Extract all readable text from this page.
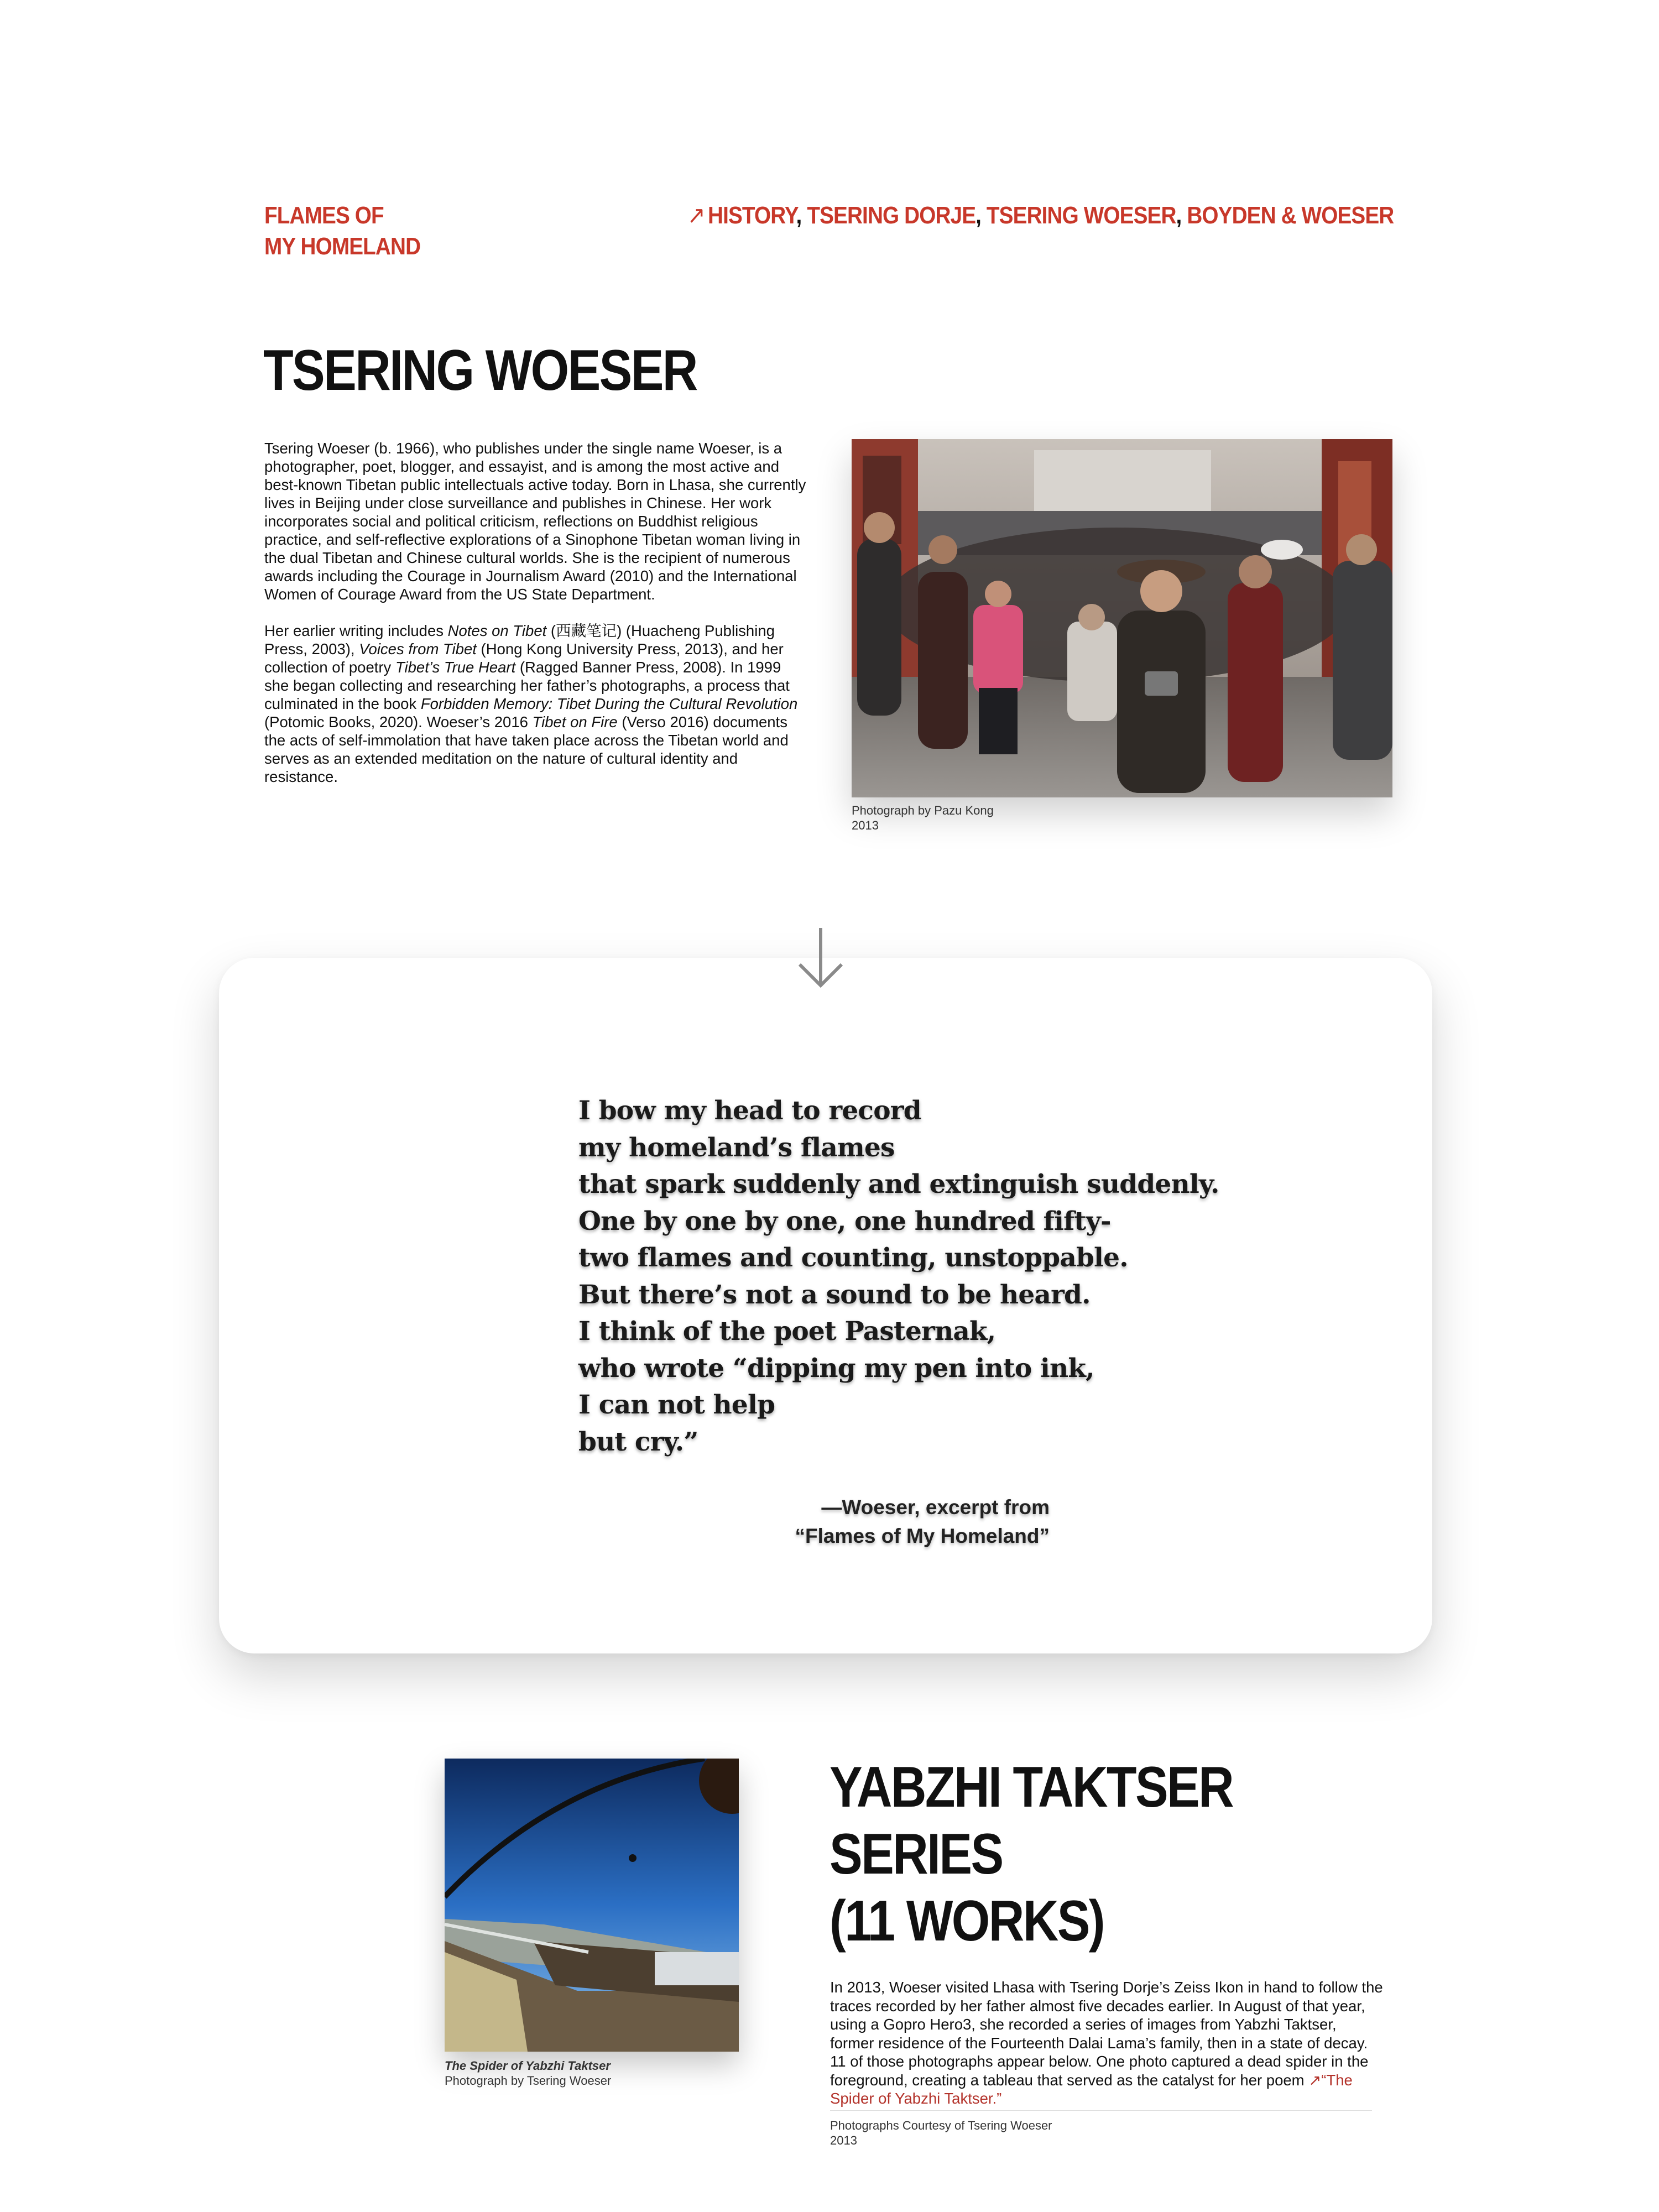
FLAMES OF
MY HOMELAND
↗ HISTORY, TSERING DORJE, TSERING WOESER, BOYDEN & WOESER
TSERING WOESER

Tsering Woeser (b. 1966), who publishes under the single name Woeser, is a photographer, poet, blogger, and essayist, and is among the most active and best-known Tibetan public intellectuals active today. Born in Lhasa, she currently lives in Beijing under close surveillance and publishes in Chinese. Her work incorporates social and political criticism, reflections on Buddhist religious practice, and self-reflective explorations of a Sinophone Tibetan woman living in the dual Tibetan and Chinese cultural worlds. She is the recipient of numerous awards including the Courage in Journalism Award (2010) and the International Women of Courage Award from the US State Department.

Her earlier writing includes Notes on Tibet (西藏笔记) (Huacheng Publishing Press, 2003), Voices from Tibet (Hong Kong University Press, 2013), and her collection of poetry Tibet’s True Heart (Ragged Banner Press, 2008). In 1999 she began collecting and researching her father’s photographs, a process that culminated in the book Forbidden Memory: Tibet During the Cultural Revolution (Potomic Books, 2020). Woeser’s 2016 Tibet on Fire (Verso 2016) documents the acts of self-immolation that have taken place across the Tibetan world and serves as an extended meditation on the nature of cultural identity and resistance.

Photograph by Pazu Kong
2013
I bow my head to record
my homeland’s flames
that spark suddenly and extinguish suddenly.
One by one by one, one hundred fifty-
two flames and counting, unstoppable.
But there’s not a sound to be heard.
I think of the poet Pasternak,
who wrote “dipping my pen into ink,
I can not help
but cry.”
—Woeser, excerpt from
“Flames of My Homeland”
The Spider of Yabzhi Taktser
Photograph by Tsering Woeser
YABZHI TAKTSER
SERIES
(11 WORKS)
In 2013, Woeser visited Lhasa with Tsering Dorje’s Zeiss Ikon in hand to follow the traces recorded by her father almost five decades earlier. In August of that year, using a Gopro Hero3, she recorded a series of images from Yabzhi Taktser, former residence of the Fourteenth Dalai Lama’s family, then in a state of decay. 11 of those photographs appear below. One photo captured a dead spider in the foreground, creating a tableau that served as the catalyst for her poem ↗“The Spider of Yabzhi Taktser.”
Photographs Courtesy of Tsering Woeser
2013
